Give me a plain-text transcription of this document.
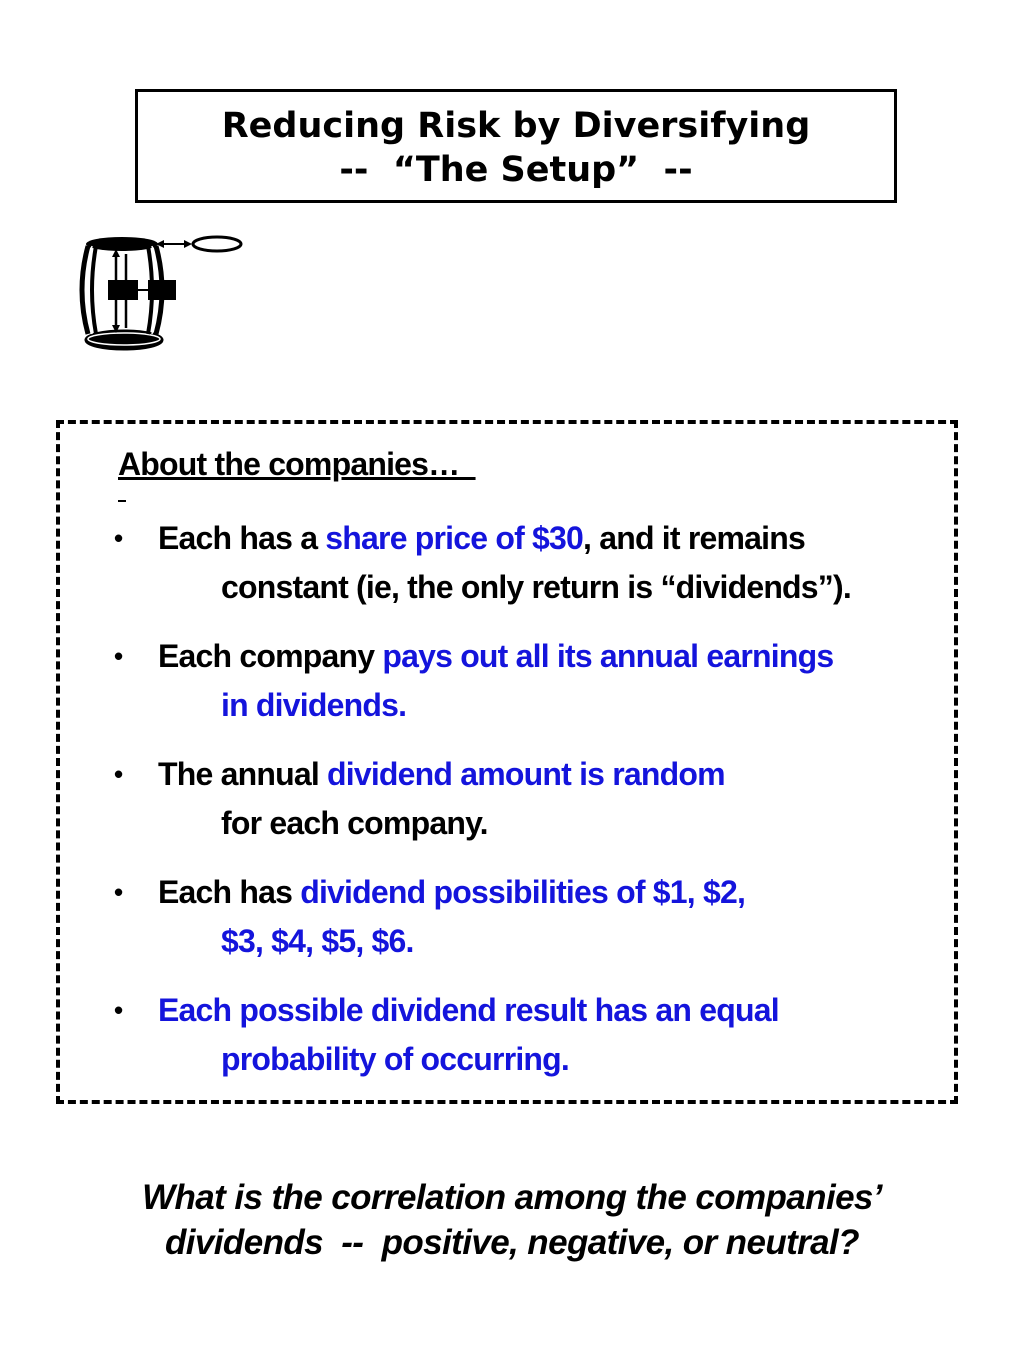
Reducing Risk by Diversifying
--  “The Setup”  --
About the companies…
• Each has a share price of $30, and it remains
constant (ie, the only return is “dividends”).
• Each company pays out all its annual earnings
in dividends.
• The annual dividend amount is random
for each company.
• Each has dividend possibilities of $1, $2,
$3, $4, $5, $6.
• Each possible dividend result has an equal
probability of occurring.
What is the correlation among the companies’
dividends  --  positive, negative, or neutral?
